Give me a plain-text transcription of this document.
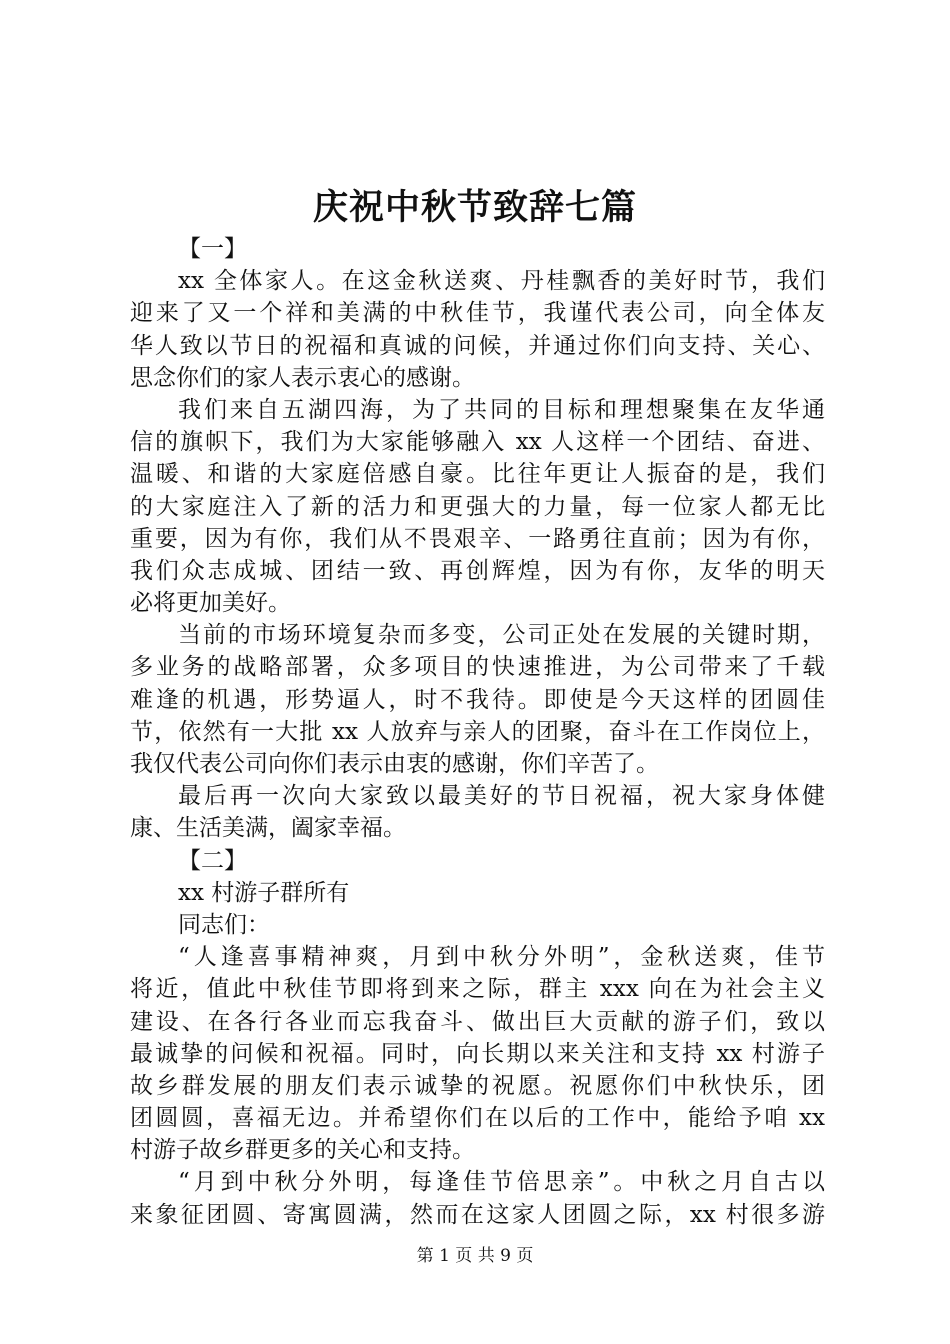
庆祝中秋节致辞七篇
【一】
xx 全体家人。在这金秋送爽、丹桂飘香的美好时节，我们
迎来了又一个祥和美满的中秋佳节，我谨代表公司，向全体友
华人致以节日的祝福和真诚的问候，并通过你们向支持、关心、
思念你们的家人表示衷心的感谢。
我们来自五湖四海，为了共同的目标和理想聚集在友华通
信的旗帜下，我们为大家能够融入 xx 人这样一个团结、奋进、
温暖、和谐的大家庭倍感自豪。比往年更让人振奋的是，我们
的大家庭注入了新的活力和更强大的力量，每一位家人都无比
重要，因为有你，我们从不畏艰辛、一路勇往直前；因为有你，
我们众志成城、团结一致、再创辉煌，因为有你，友华的明天
必将更加美好。
当前的市场环境复杂而多变，公司正处在发展的关键时期，
多业务的战略部署，众多项目的快速推进，为公司带来了千载
难逢的机遇，形势逼人，时不我待。即使是今天这样的团圆佳
节，依然有一大批 xx 人放弃与亲人的团聚，奋斗在工作岗位上，
我仅代表公司向你们表示由衷的感谢，你们辛苦了。
最后再一次向大家致以最美好的节日祝福，祝大家身体健
康、生活美满，阖家幸福。
【二】
xx 村游子群所有
同志们：
“人逢喜事精神爽，月到中秋分外明”，金秋送爽，佳节
将近，值此中秋佳节即将到来之际，群主 xxx 向在为社会主义
建设、在各行各业而忘我奋斗、做出巨大贡献的游子们，致以
最诚挚的问候和祝福。同时，向长期以来关注和支持 xx 村游子
故乡群发展的朋友们表示诚挚的祝愿。祝愿你们中秋快乐，团
团圆圆，喜福无边。并希望你们在以后的工作中，能给予咱 xx
村游子故乡群更多的关心和支持。
“月到中秋分外明，每逢佳节倍思亲”。中秋之月自古以
来象征团圆、寄寓圆满，然而在这家人团圆之际，xx 村很多游
第 1 页 共 9 页
